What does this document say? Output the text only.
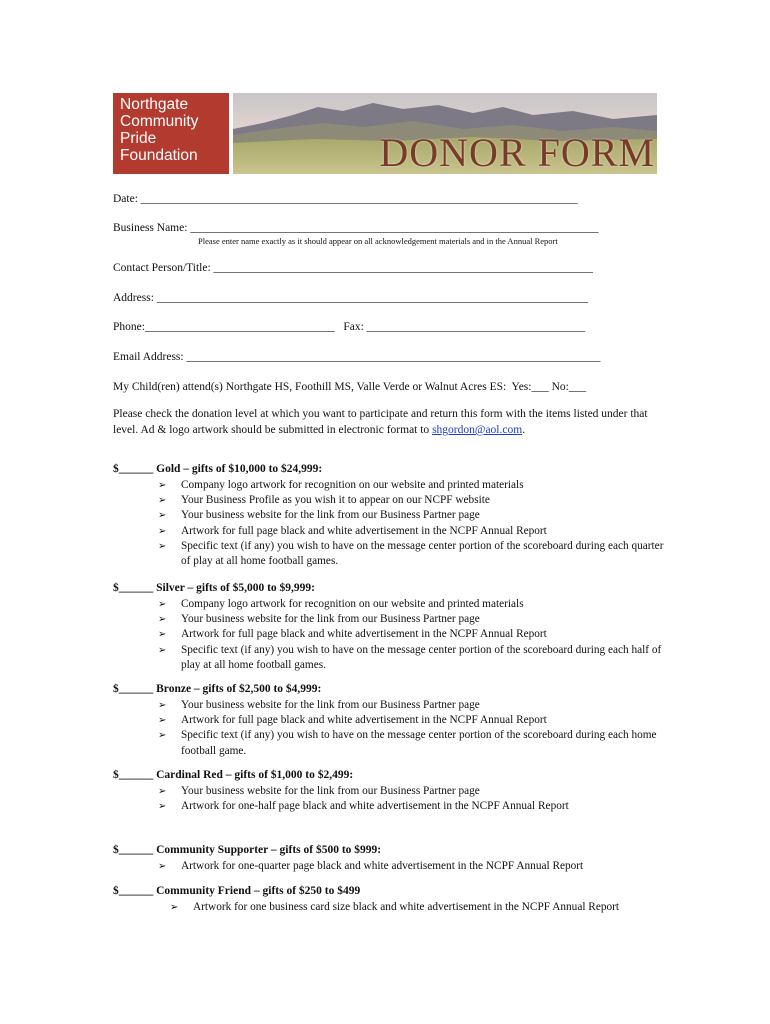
Northgate
Community
Pride
Foundation	DONOR FORM
Date: ____________________________________________________________________________
Business Name: _______________________________________________________________________
Please enter name exactly as it should appear on all acknowledgement materials and in the Annual Report
Contact Person/Title: __________________________________________________________________
Address: ___________________________________________________________________________
Phone:_________________________________   Fax: ______________________________________
Email Address: ________________________________________________________________________
My Child(ren) attend(s) Northgate HS, Foothill MS, Valle Verde or Walnut Acres ES:  Yes:___ No:___
Please check the donation level at which you want to participate and return this form with the items listed under that level. Ad & logo artwork should be submitted in electronic format to shgordon@aol.com.
$______ Gold – gifts of $10,000 to $24,999:
➢ Company logo artwork for recognition on our website and printed materials
➢ Your Business Profile as you wish it to appear on our NCPF website
➢ Your business website for the link from our Business Partner page
➢ Artwork for full page black and white advertisement in the NCPF Annual Report
➢ Specific text (if any) you wish to have on the message center portion of the scoreboard during each quarter of play at all home football games.
$______ Silver – gifts of $5,000 to $9,999:
➢ Company logo artwork for recognition on our website and printed materials
➢ Your business website for the link from our Business Partner page
➢ Artwork for full page black and white advertisement in the NCPF Annual Report
➢ Specific text (if any) you wish to have on the message center portion of the scoreboard during each half of play at all home football games.
$______ Bronze – gifts of $2,500 to $4,999:
➢ Your business website for the link from our Business Partner page
➢ Artwork for full page black and white advertisement in the NCPF Annual Report
➢ Specific text (if any) you wish to have on the message center portion of the scoreboard during each home football game.
$______ Cardinal Red – gifts of $1,000 to $2,499:
➢ Your business website for the link from our Business Partner page
➢ Artwork for one-half page black and white advertisement in the NCPF Annual Report
$______ Community Supporter – gifts of $500 to $999:
➢ Artwork for one-quarter page black and white advertisement in the NCPF Annual Report
$______ Community Friend – gifts of $250 to $499
➢ Artwork for one business card size black and white advertisement in the NCPF Annual Report
